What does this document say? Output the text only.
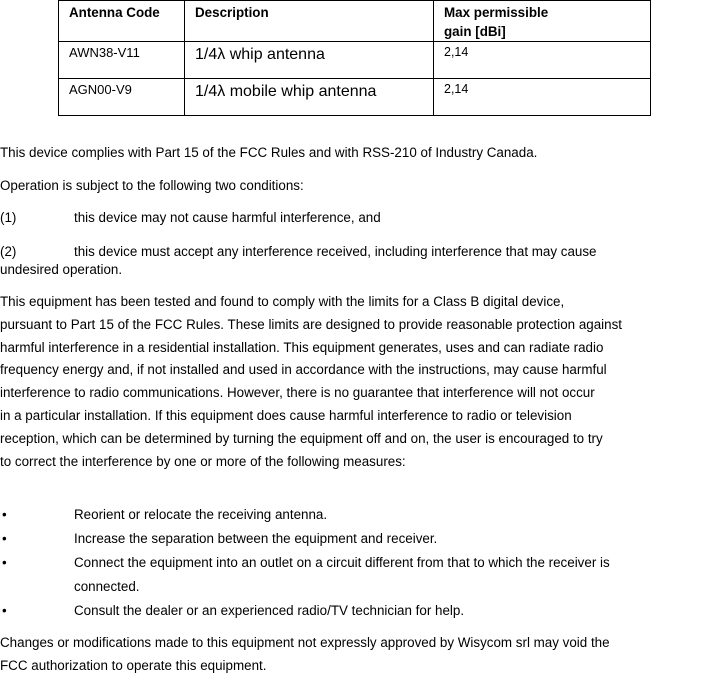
Antenna Code	Description	Max permissible
gain [dBi]

AWN38-V11	1/4λ whip antenna	2,14
AGN00-V9	1/4λ mobile whip antenna	2,14

This device complies with Part 15 of the FCC Rules and with RSS-210 of Industry Canada.

Operation is subject to the following two conditions:

(1)	this device may not cause harmful interference, and

(2)	this device must accept any interference received, including interference that may cause
undesired operation.

This equipment has been tested and found to comply with the limits for a Class B digital device,
pursuant to Part 15 of the FCC Rules. These limits are designed to provide reasonable protection against
harmful interference in a residential installation. This equipment generates, uses and can radiate radio
frequency energy and, if not installed and used in accordance with the instructions, may cause harmful
interference to radio communications. However, there is no guarantee that interference will not occur
in a particular installation. If this equipment does cause harmful interference to radio or television
reception, which can be determined by turning the equipment off and on, the user is encouraged to try
to correct the interference by one or more of the following measures:

•	Reorient or relocate the receiving antenna.
•	Increase the separation between the equipment and receiver.
•	Connect the equipment into an outlet on a circuit different from that to which the receiver is
connected.
•	Consult the dealer or an experienced radio/TV technician for help.

Changes or modifications made to this equipment not expressly approved by Wisycom srl may void the
FCC authorization to operate this equipment.
